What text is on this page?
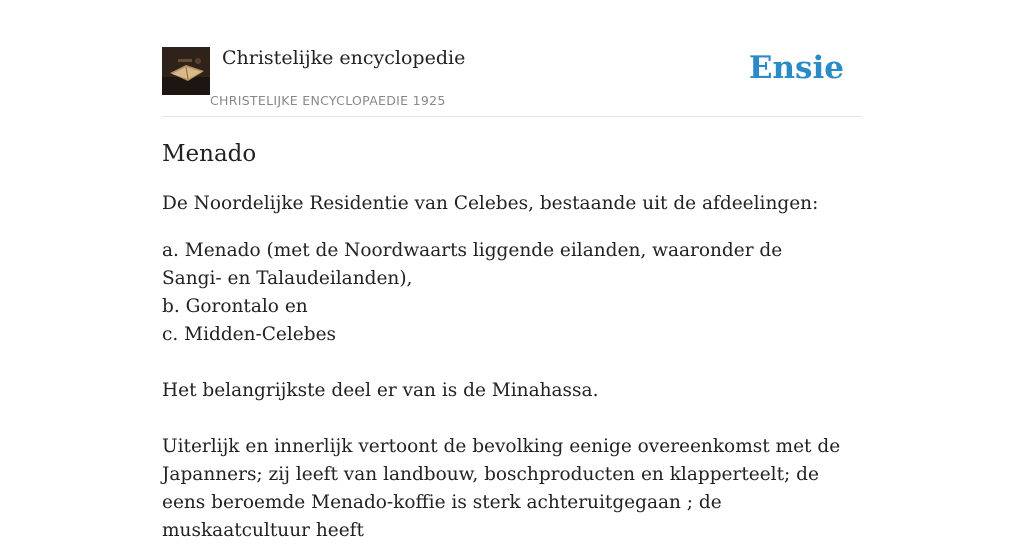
Christelijke encyclopedie
CHRISTELIJKE ENCYCLOPAEDIE 1925
Ensie
Menado

De Noordelijke Residentie van Celebes, bestaande uit de afdeelingen:

a. Menado (met de Noordwaarts liggende eilanden, waaronder de Sangi- en Talaudeilanden),
b. Gorontalo en
c. Midden-Celebes

Het belangrijkste deel er van is de Minahassa.

Uiterlijk en innerlijk vertoont de bevolking eenige overeenkomst met de Japanners; zij leeft van landbouw, boschproducten en klapperteelt; de eens beroemde Menado-koffie is sterk achteruitgegaan ; de muskaatcultuur heeft
